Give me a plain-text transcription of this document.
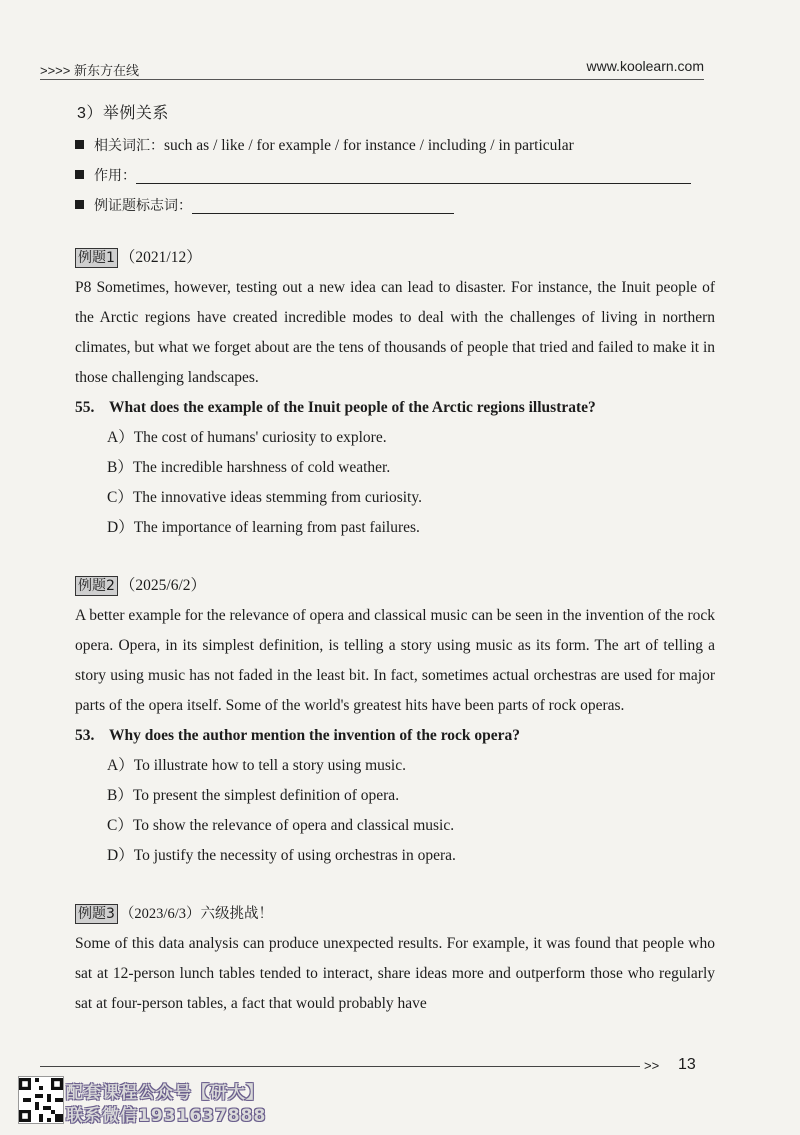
>>>> 新东方在线	www.koolearn.com
3）举例关系
相关词汇：such as / like / for example / for instance / including / in particular
作用：
例证题标志词：
例题1 （2021/12）

P8 Sometimes, however, testing out a new idea can lead to disaster. For instance, the Inuit people of the Arctic regions have created incredible modes to deal with the challenges of living in northern climates, but what we forget about are the tens of thousands of people that tried and failed to make it in those challenging landscapes.

55. What does the example of the Inuit people of the Arctic regions illustrate?
A）The cost of humans' curiosity to explore.
B）The incredible harshness of cold weather.
C）The innovative ideas stemming from curiosity.
D）The importance of learning from past failures.
例题2 （2025/6/2）

A better example for the relevance of opera and classical music can be seen in the invention of the rock opera. Opera, in its simplest definition, is telling a story using music as its form. The art of telling a story using music has not faded in the least bit. In fact, sometimes actual orchestras are used for major parts of the opera itself. Some of the world's greatest hits have been parts of rock operas.

53. Why does the author mention the invention of the rock opera?
A）To illustrate how to tell a story using music.
B）To present the simplest definition of opera.
C）To show the relevance of opera and classical music.
D）To justify the necessity of using orchestras in opera.
例题3 （2023/6/3）六级挑战！

Some of this data analysis can produce unexpected results. For example, it was found that people who sat at 12-person lunch tables tended to interact, share ideas more and outperform those who regularly sat at four-person tables, a fact that would probably have

>> 13
配套课程公众号【研大】
联系微信1931637888
